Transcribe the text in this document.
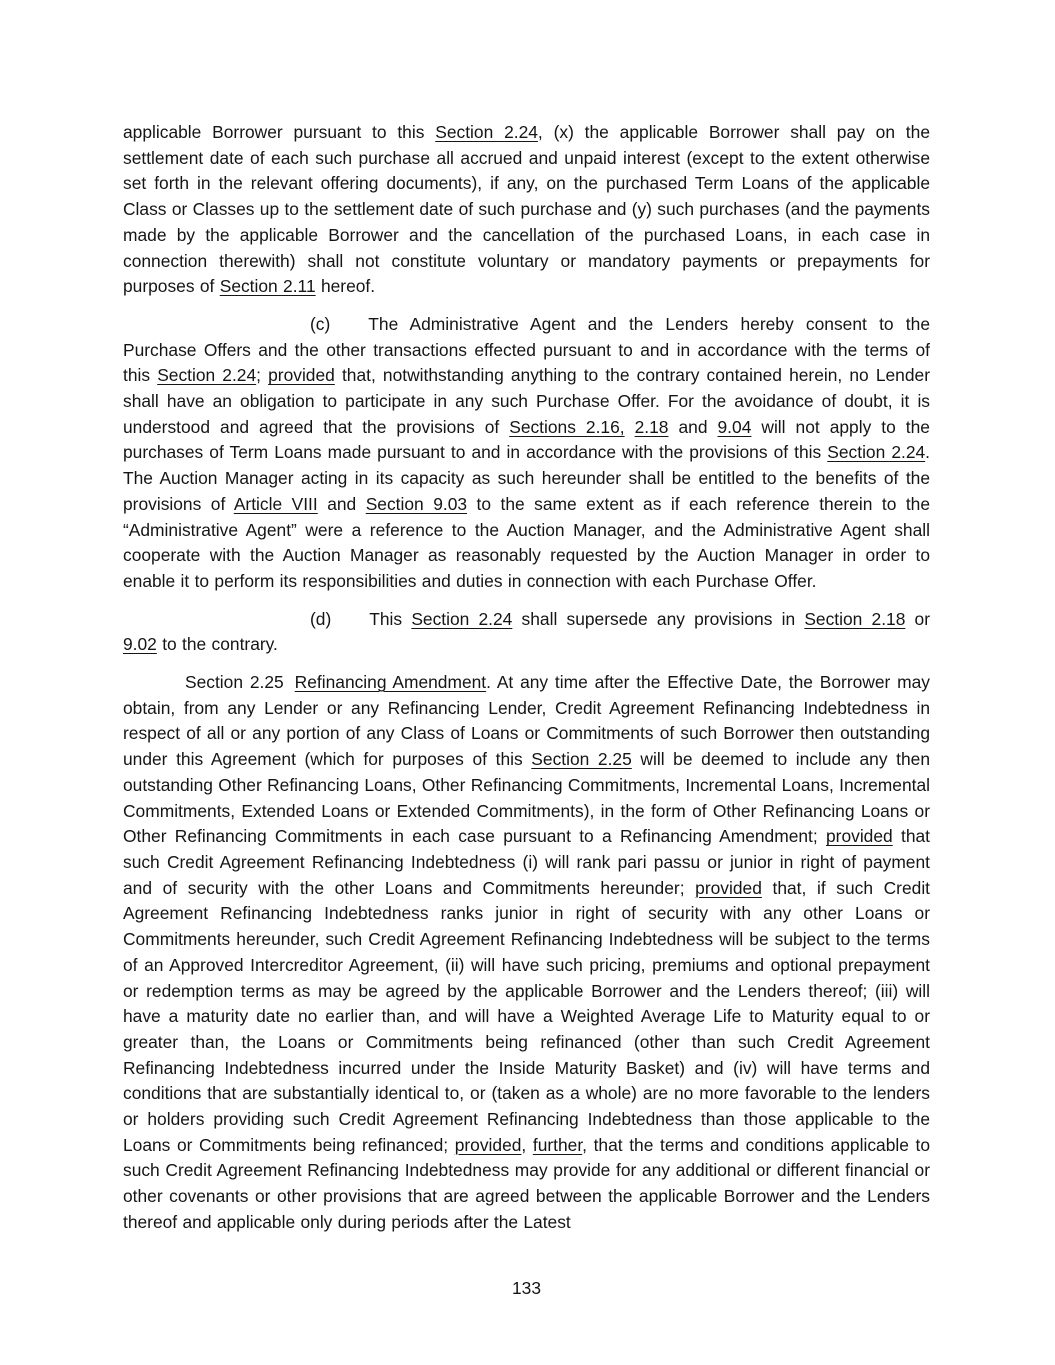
applicable Borrower pursuant to this Section 2.24, (x) the applicable Borrower shall pay on the settlement date of each such purchase all accrued and unpaid interest (except to the extent otherwise set forth in the relevant offering documents), if any, on the purchased Term Loans of the applicable Class or Classes up to the settlement date of such purchase and (y) such purchases (and the payments made by the applicable Borrower and the cancellation of the purchased Loans, in each case in connection therewith) shall not constitute voluntary or mandatory payments or prepayments for purposes of Section 2.11 hereof.

(c) The Administrative Agent and the Lenders hereby consent to the Purchase Offers and the other transactions effected pursuant to and in accordance with the terms of this Section 2.24; provided that, notwithstanding anything to the contrary contained herein, no Lender shall have an obligation to participate in any such Purchase Offer. For the avoidance of doubt, it is understood and agreed that the provisions of Sections 2.16, 2.18 and 9.04 will not apply to the purchases of Term Loans made pursuant to and in accordance with the provisions of this Section 2.24. The Auction Manager acting in its capacity as such hereunder shall be entitled to the benefits of the provisions of Article VIII and Section 9.03 to the same extent as if each reference therein to the “Administrative Agent” were a reference to the Auction Manager, and the Administrative Agent shall cooperate with the Auction Manager as reasonably requested by the Auction Manager in order to enable it to perform its responsibilities and duties in connection with each Purchase Offer.

(d) This Section 2.24 shall supersede any provisions in Section 2.18 or 9.02 to the contrary.

Section 2.25 Refinancing Amendment. At any time after the Effective Date, the Borrower may obtain, from any Lender or any Refinancing Lender, Credit Agreement Refinancing Indebtedness in respect of all or any portion of any Class of Loans or Commitments of such Borrower then outstanding under this Agreement (which for purposes of this Section 2.25 will be deemed to include any then outstanding Other Refinancing Loans, Other Refinancing Commitments, Incremental Loans, Incremental Commitments, Extended Loans or Extended Commitments), in the form of Other Refinancing Loans or Other Refinancing Commitments in each case pursuant to a Refinancing Amendment; provided that such Credit Agreement Refinancing Indebtedness (i) will rank pari passu or junior in right of payment and of security with the other Loans and Commitments hereunder; provided that, if such Credit Agreement Refinancing Indebtedness ranks junior in right of security with any other Loans or Commitments hereunder, such Credit Agreement Refinancing Indebtedness will be subject to the terms of an Approved Intercreditor Agreement, (ii) will have such pricing, premiums and optional prepayment or redemption terms as may be agreed by the applicable Borrower and the Lenders thereof; (iii) will have a maturity date no earlier than, and will have a Weighted Average Life to Maturity equal to or greater than, the Loans or Commitments being refinanced (other than such Credit Agreement Refinancing Indebtedness incurred under the Inside Maturity Basket) and (iv) will have terms and conditions that are substantially identical to, or (taken as a whole) are no more favorable to the lenders or holders providing such Credit Agreement Refinancing Indebtedness than those applicable to the Loans or Commitments being refinanced; provided, further, that the terms and conditions applicable to such Credit Agreement Refinancing Indebtedness may provide for any additional or different financial or other covenants or other provisions that are agreed between the applicable Borrower and the Lenders thereof and applicable only during periods after the Latest

133
